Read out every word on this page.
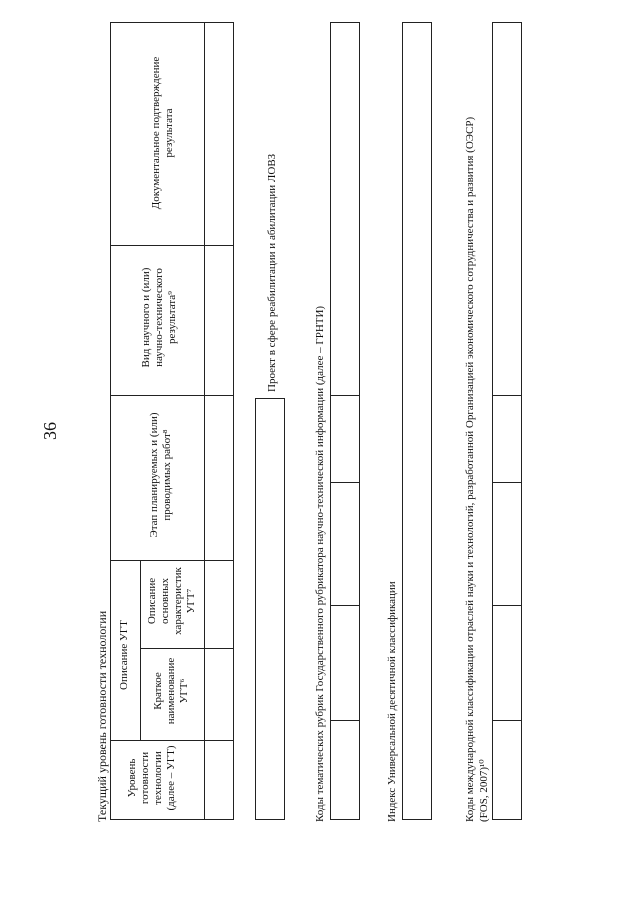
36
Текущий уровень готовности технологии Уровень готовности технологии (далее – УГТ)
Описание УГТ
Краткое наименование УГТ⁶
Описание основных характеристик УГТ⁷
Этап планируемых и (или) проводимых работ⁸
Вид научного и (или) научно-технического результата⁹
Документальное подтверждение результата
Проект в сфере реабилитации и абилитации ЛОВЗ
Коды тематических рубрик Государственного рубрикатора научно-технической информации (далее – ГРНТИ)	Индекс Универсальной десятичной классификации	Коды международной классификации отраслей науки и технологий, разработанной Организацией экономического сотрудничества и развития (ОЭСР) (FOS, 2007)¹⁰
